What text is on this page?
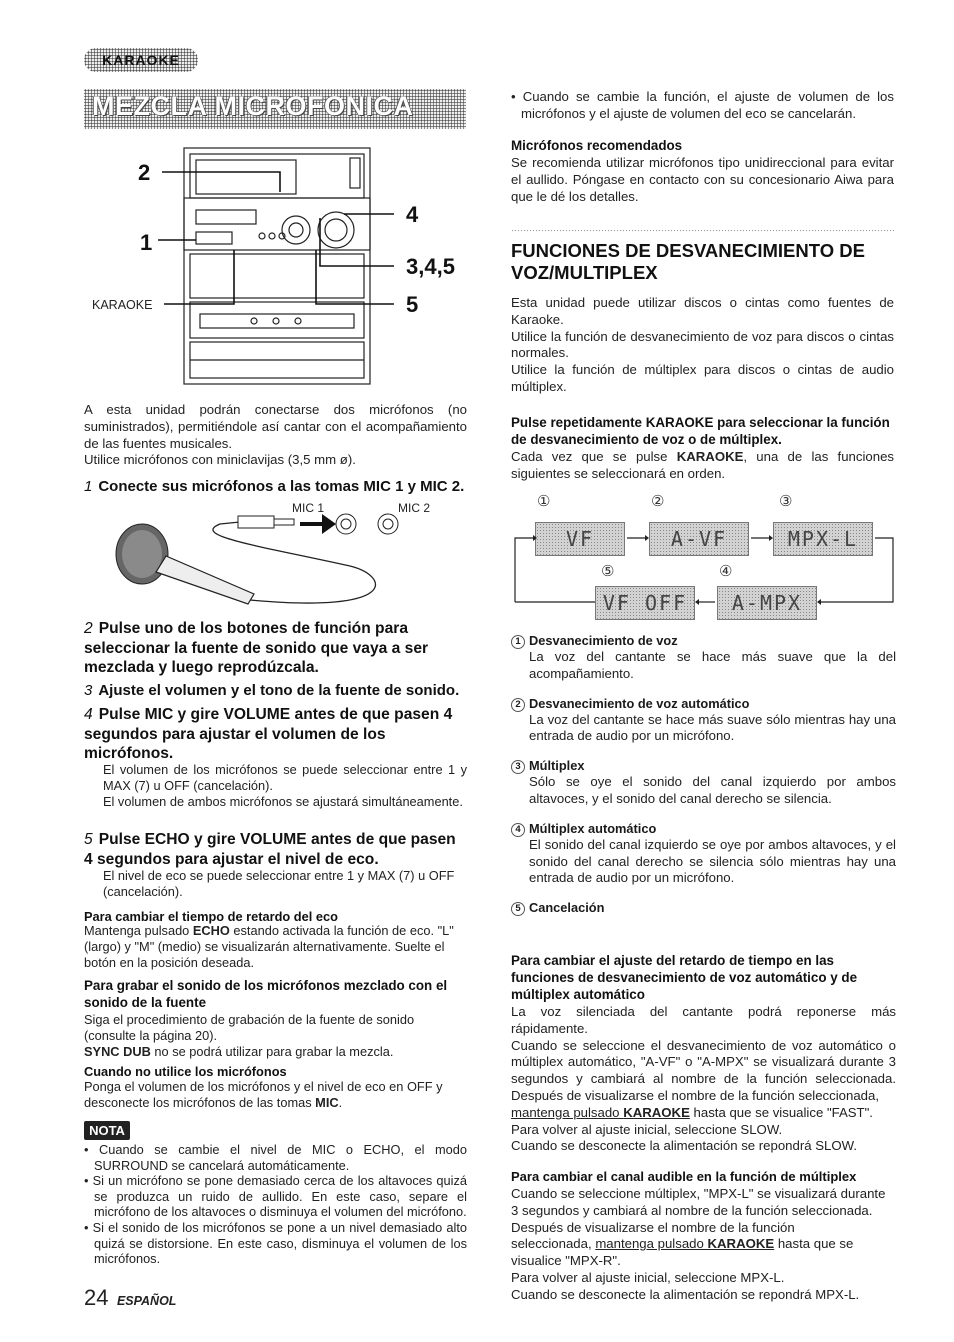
KARAOKE
MEZCLA MICROFONICA
2
1
4
3,4,5
5
KARAOKE
A esta unidad podrán conectarse dos micrófonos (no suministrados), permitiéndole así cantar con el acompañamiento de las fuentes musicales.
Utilice micrófonos con miniclavijas (3,5 mm ø).
1 Conecte sus micrófonos a las tomas MIC 1 y MIC 2.
MIC 1	MIC 2
2 Pulse uno de los botones de función para seleccionar la fuente de sonido que vaya a ser mezclada y luego reprodúzcala.
3 Ajuste el volumen y el tono de la fuente de sonido.
4 Pulse MIC y gire VOLUME antes de que pasen 4 segundos para ajustar el volumen de los micrófonos.
El volumen de los micrófonos se puede seleccionar entre 1 y MAX (7) u OFF (cancelación).
El volumen de ambos micrófonos se ajustará simultáneamente.
5 Pulse ECHO y gire VOLUME antes de que pasen 4 segundos para ajustar el nivel de eco.
El nivel de eco se puede seleccionar entre 1 y MAX (7) u OFF (cancelación).
Para cambiar el tiempo de retardo del eco
Mantenga pulsado ECHO estando activada la función de eco. "L" (largo) y "M" (medio) se visualizarán alternativamente. Suelte el botón en la posición deseada.
Para grabar el sonido de los micrófonos mezclado con el sonido de la fuente
Siga el procedimiento de grabación de la fuente de sonido (consulte la página 20).
SYNC DUB no se podrá utilizar para grabar la mezcla.
Cuando no utilice los micrófonos
Ponga el volumen de los micrófonos y el nivel de eco en OFF y desconecte los micrófonos de las tomas MIC.
NOTA
• Cuando se cambie el nivel de MIC o ECHO, el modo SURROUND se cancelará automáticamente.
• Si un micrófono se pone demasiado cerca de los altavoces quizá se produzca un ruido de aullido. En este caso, separe el micrófono de los altavoces o disminuya el volumen del micrófono.
• Si el sonido de los micrófonos se pone a un nivel demasiado alto quizá se distorsione. En este caso, disminuya el volumen de los micrófonos.
24 ESPAÑOL
• Cuando se cambie la función, el ajuste de volumen de los micrófonos y el ajuste de volumen del eco se cancelarán.
Micrófonos recomendados
Se recomienda utilizar micrófonos tipo unidireccional para evitar el aullido. Póngase en contacto con su concesionario Aiwa para que le dé los detalles.
FUNCIONES DE DESVANECIMIENTO DE VOZ/MULTIPLEX
Esta unidad puede utilizar discos o cintas como fuentes de Karaoke.
Utilice la función de desvanecimiento de voz para discos o cintas normales.
Utilice la función de múltiplex para discos o cintas de audio múltiplex.
Pulse repetidamente KARAOKE para seleccionar la función de desvanecimiento de voz o de múltiplex.
Cada vez que se pulse KARAOKE, una de las funciones siguientes se seleccionará en orden.
①	②	③
⑤	④
VF	A-VF	MPX-L
VF OFF	A-MPX
1 Desvanecimiento de voz
La voz del cantante se hace más suave que la del acompañamiento.
2 Desvanecimiento de voz automático
La voz del cantante se hace más suave sólo mientras hay una entrada de audio por un micrófono.
3 Múltiplex
Sólo se oye el sonido del canal izquierdo por ambos altavoces, y el sonido del canal derecho se silencia.
4 Múltiplex automático
El sonido del canal izquierdo se oye por ambos altavoces, y el sonido del canal derecho se silencia sólo mientras hay una entrada de audio por un micrófono.
5 Cancelación
Para cambiar el ajuste del retardo de tiempo en las funciones de desvanecimiento de voz automático y de múltiplex automático
La voz silenciada del cantante podrá reponerse más rápidamente.
Cuando se seleccione el desvanecimiento de voz automático o múltiplex automático, "A-VF" o "A-MPX" se visualizará durante 3 segundos y cambiará al nombre de la función seleccionada. Después de visualizarse el nombre de la función seleccionada,
mantenga pulsado KARAOKE hasta que se visualice "FAST".
Para volver al ajuste inicial, seleccione SLOW.
Cuando se desconecte la alimentación se repondrá SLOW.
Para cambiar el canal audible en la función de múltiplex
Cuando se seleccione múltiplex, "MPX-L" se visualizará durante 3 segundos y cambiará al nombre de la función seleccionada. Después de visualizarse el nombre de la función
seleccionada, mantenga pulsado KARAOKE hasta que se visualice "MPX-R".
Para volver al ajuste inicial, seleccione MPX-L.
Cuando se desconecte la alimentación se repondrá MPX-L.
